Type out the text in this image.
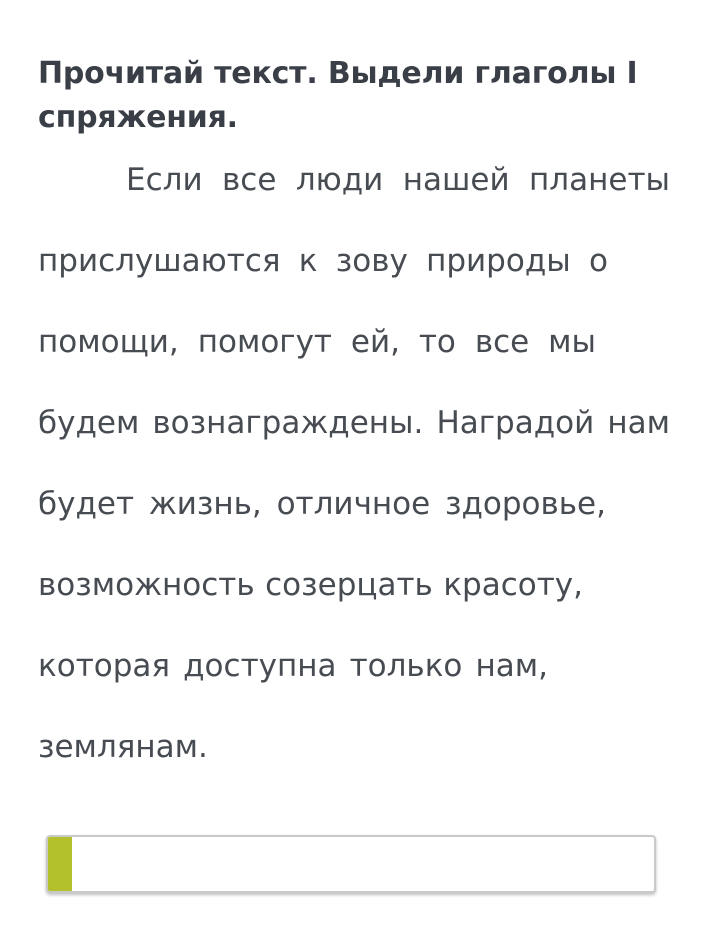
Прочитай текст. Выдели глаголы I спряжения.
Если все люди нашей планеты
прислушаются к зову природы о
помощи, помогут ей, то все мы
будем вознаграждены. Наградой нам
будет жизнь, отличное здоровье,
возможность созерцать красоту,
которая доступна только нам,
землянам.
